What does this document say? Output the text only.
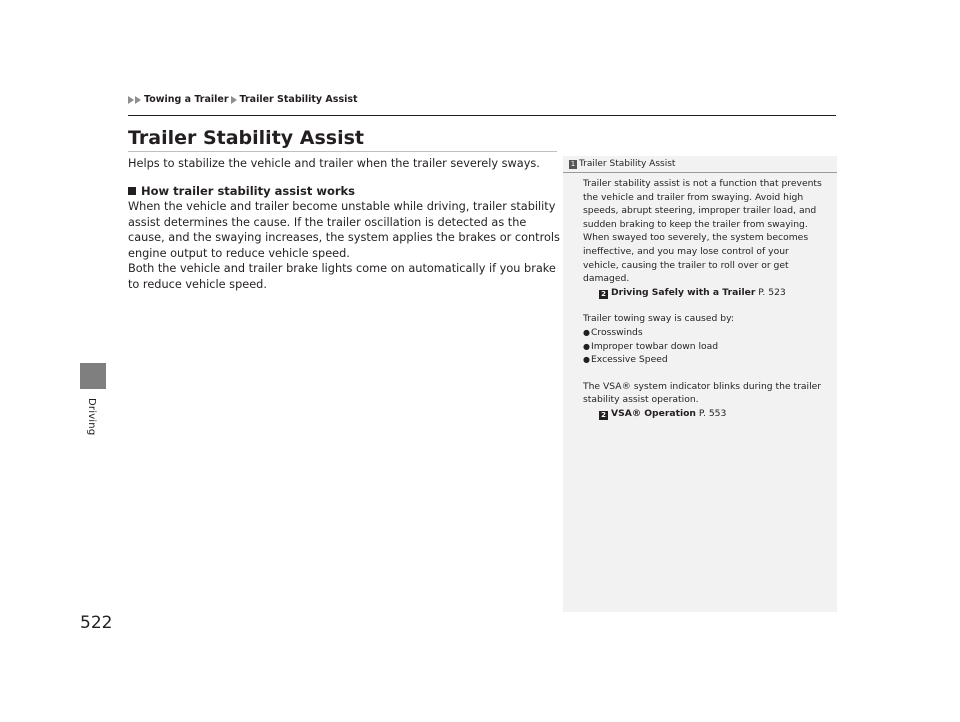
Towing a Trailer Trailer Stability Assist
Driving
522
Trailer Stability Assist

Helps to stabilize the vehicle and trailer when the trailer severely sways.

How trailer stability assist works

When the vehicle and trailer become unstable while driving, trailer stability assist determines the cause. If the trailer oscillation is detected as the cause, and the swaying increases, the system applies the brakes or controls engine output to reduce vehicle speed.

Both the vehicle and trailer brake lights come on automatically if you brake to reduce vehicle speed.

1 Trailer Stability Assist

Trailer stability assist is not a function that prevents the vehicle and trailer from swaying. Avoid high speeds, abrupt steering, improper trailer load, and sudden braking to keep the trailer from swaying. When swayed too severely, the system becomes ineffective, and you may lose control of your vehicle, causing the trailer to roll over or get damaged.

2 Driving Safely with a Trailer P. 523

Trailer towing sway is caused by:

● Crosswinds

● Improper towbar down load

● Excessive Speed

The VSA® system indicator blinks during the trailer stability assist operation.

2 VSA® Operation P. 553
